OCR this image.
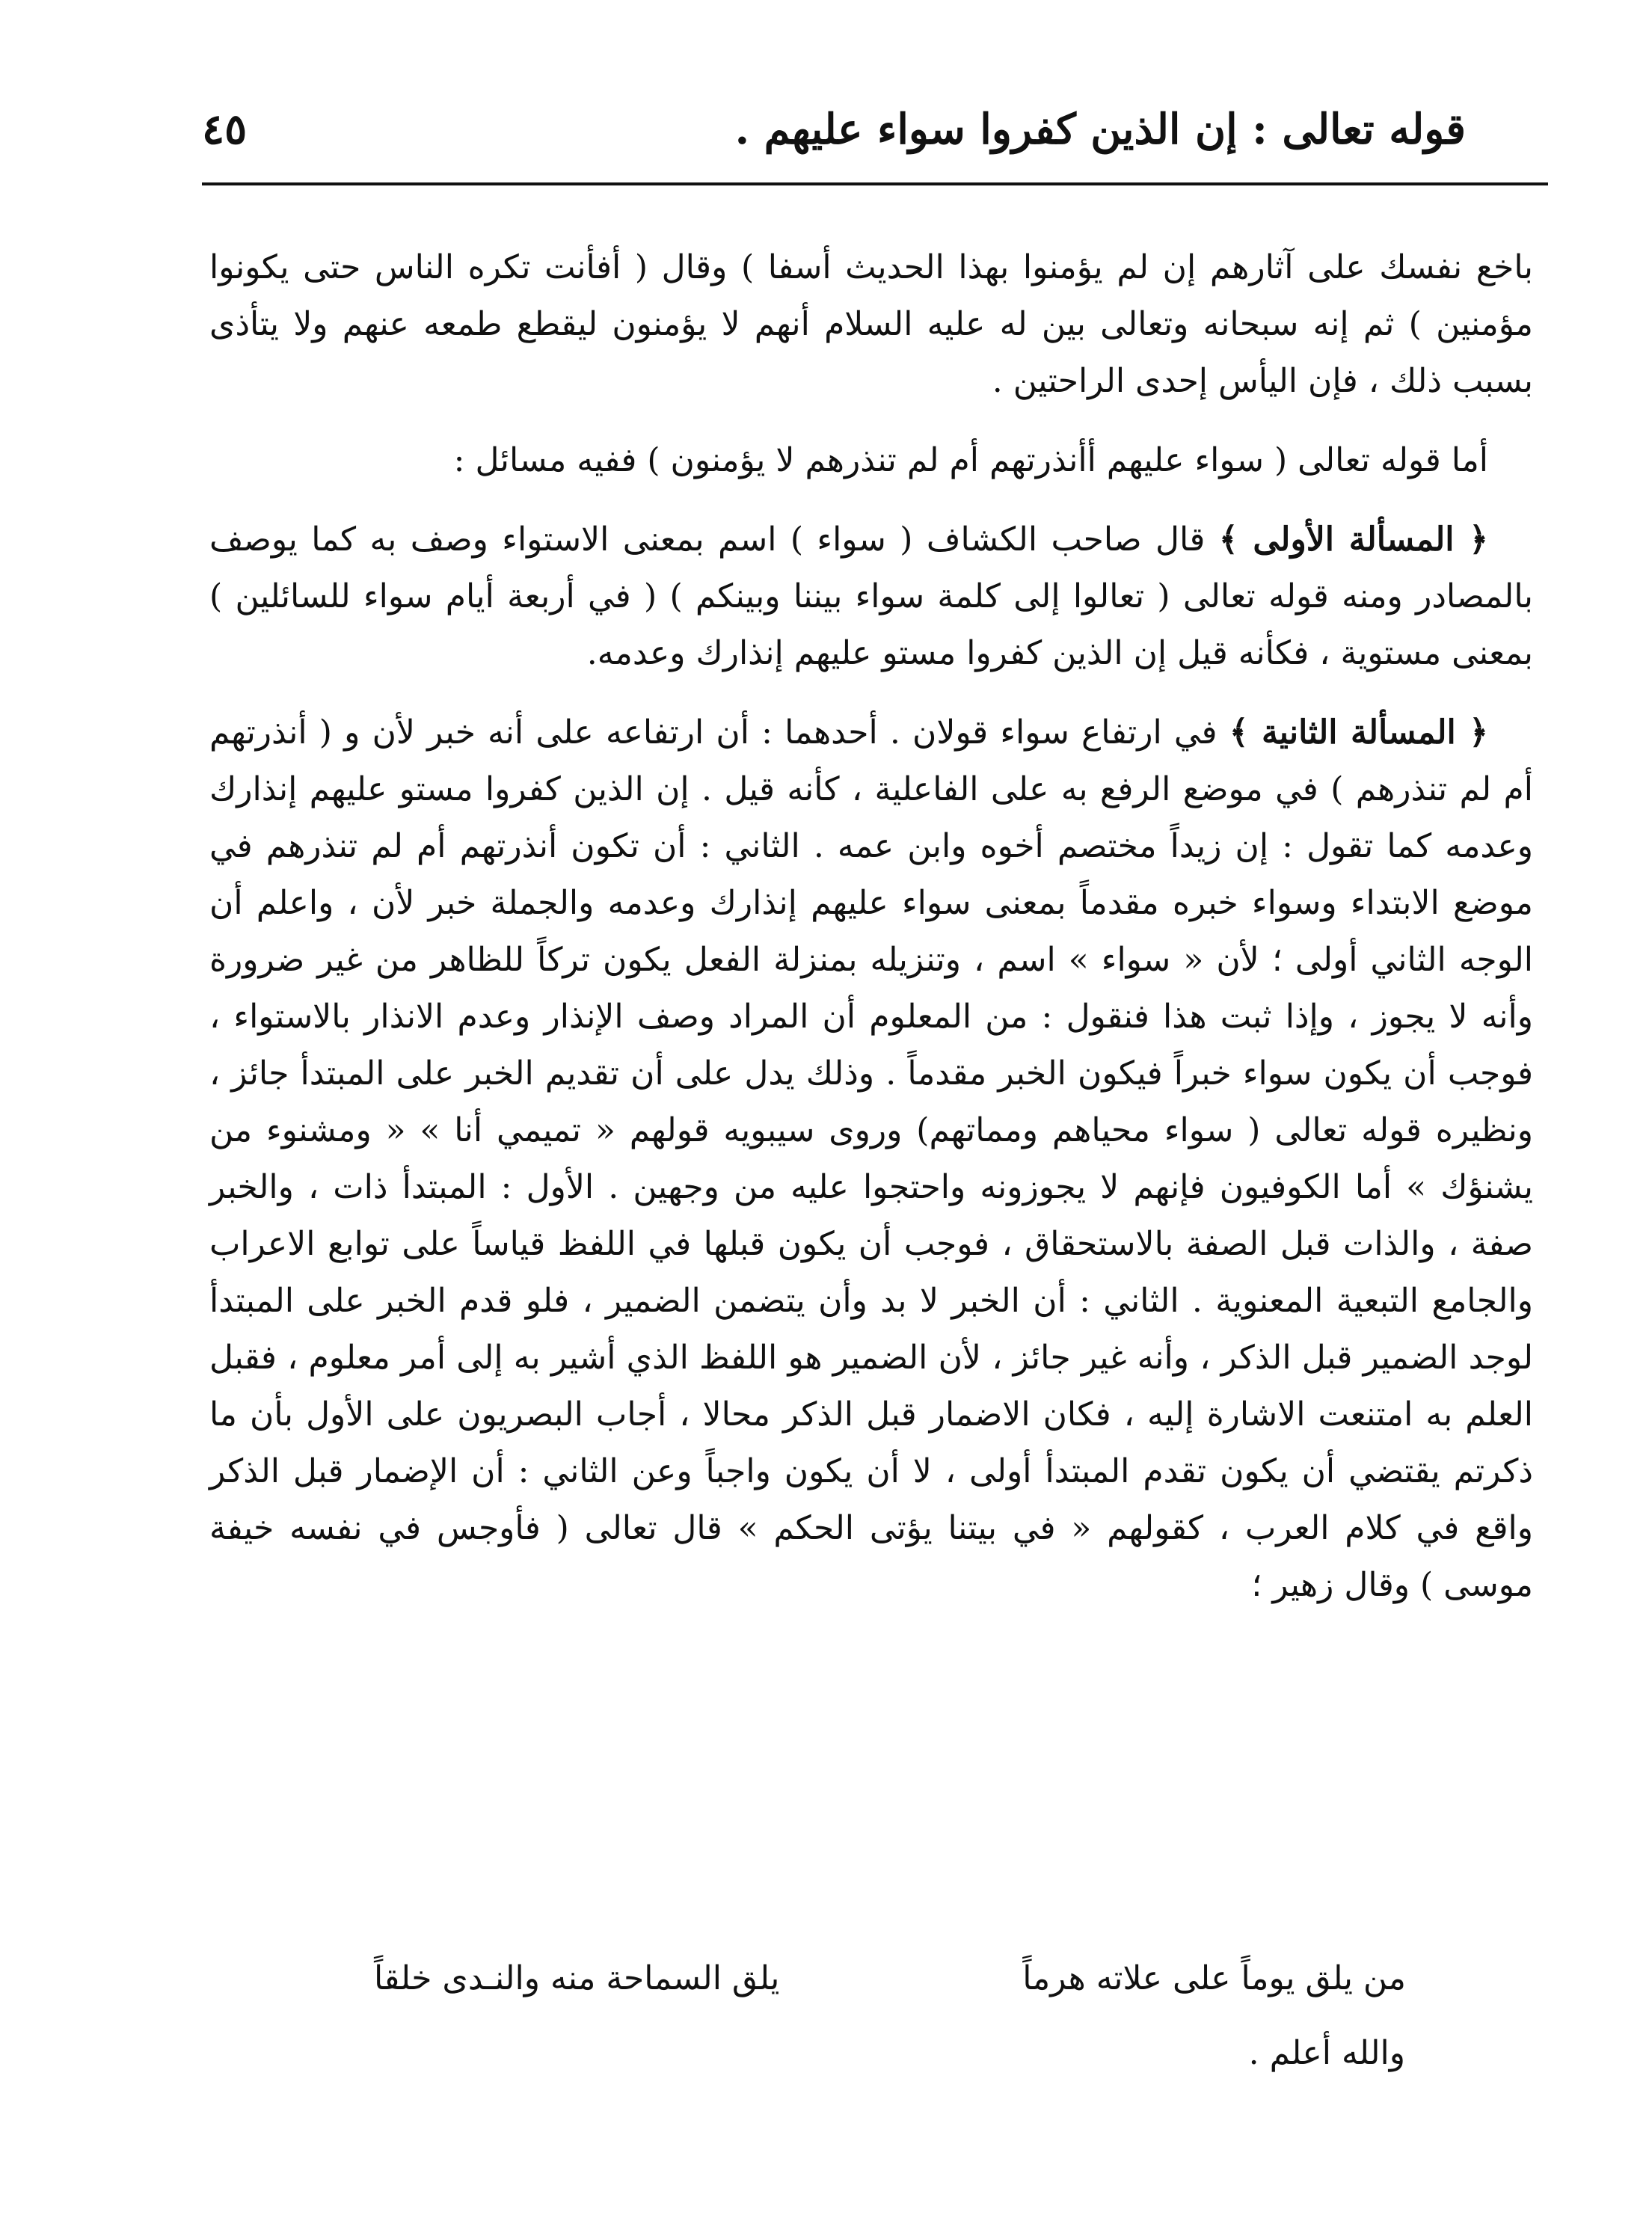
قوله تعالى : إن الذين كفروا سواء عليهم .
٤٥

باخع نفسك على آثارهم إن لم يؤمنوا بهذا الحديث أسفا ) وقال ( أفأنت تكره الناس حتى يكونوا مؤمنين ) ثم إنه سبحانه وتعالى بين له عليه السلام أنهم لا يؤمنون ليقطع طمعه عنهم ولا يتأذى بسبب ذلك ، فإن اليأس إحدى الراحتين .

أما قوله تعالى ( سواء عليهم أأنذرتهم أم لم تنذرهم لا يؤمنون ) ففيه مسائل :

﴿ المسألة الأولى ﴾ قال صاحب الكشاف ( سواء ) اسم بمعنى الاستواء وصف به كما يوصف بالمصادر ومنه قوله تعالى ( تعالوا إلى كلمة سواء بيننا وبينكم ) ( في أربعة أيام سواء للسائلين ) بمعنى مستوية ، فكأنه قيل إن الذين كفروا مستو عليهم إنذارك وعدمه.

﴿ المسألة الثانية ﴾ في ارتفاع سواء قولان . أحدهما : أن ارتفاعه على أنه خبر لأن و ( أنذرتهم أم لم تنذرهم ) في موضع الرفع به على الفاعلية ، كأنه قيل . إن الذين كفروا مستو عليهم إنذارك وعدمه كما تقول : إن زيداً مختصم أخوه وابن عمه . الثاني : أن تكون أنذرتهم أم لم تنذرهم في موضع الابتداء وسواء خبره مقدماً بمعنى سواء عليهم إنذارك وعدمه والجملة خبر لأن ، واعلم أن الوجه الثاني أولى ؛ لأن « سواء » اسم ، وتنزيله بمنزلة الفعل يكون تركاً للظاهر من غير ضرورة وأنه لا يجوز ، وإذا ثبت هذا فنقول : من المعلوم أن المراد وصف الإنذار وعدم الانذار بالاستواء ، فوجب أن يكون سواء خبراً فيكون الخبر مقدماً . وذلك يدل على أن تقديم الخبر على المبتدأ جائز ، ونظيره قوله تعالى ( سواء محياهم ومماتهم) وروى سيبويه قولهم « تميمي أنا » « ومشنوء من يشنؤك » أما الكوفيون فإنهم لا يجوزونه واحتجوا عليه من وجهين . الأول : المبتدأ ذات ، والخبر صفة ، والذات قبل الصفة بالاستحقاق ، فوجب أن يكون قبلها في اللفظ قياساً على توابع الاعراب والجامع التبعية المعنوية . الثاني : أن الخبر لا بد وأن يتضمن الضمير ، فلو قدم الخبر على المبتدأ لوجد الضمير قبل الذكر ، وأنه غير جائز ، لأن الضمير هو اللفظ الذي أشير به إلى أمر معلوم ، فقبل العلم به امتنعت الاشارة إليه ، فكان الاضمار قبل الذكر محالا ، أجاب البصريون على الأول بأن ما ذكرتم يقتضي أن يكون تقدم المبتدأ أولى ، لا أن يكون واجباً وعن الثاني : أن الإضمار قبل الذكر واقع في كلام العرب ، كقولهم « في بيتنا يؤتى الحكم » قال تعالى ( فأوجس في نفسه خيفة موسى ) وقال زهير ؛

من يلق يوماً على علاته هرماً
يلق السماحة منه والنـدى خلقاً
والله أعلم .
